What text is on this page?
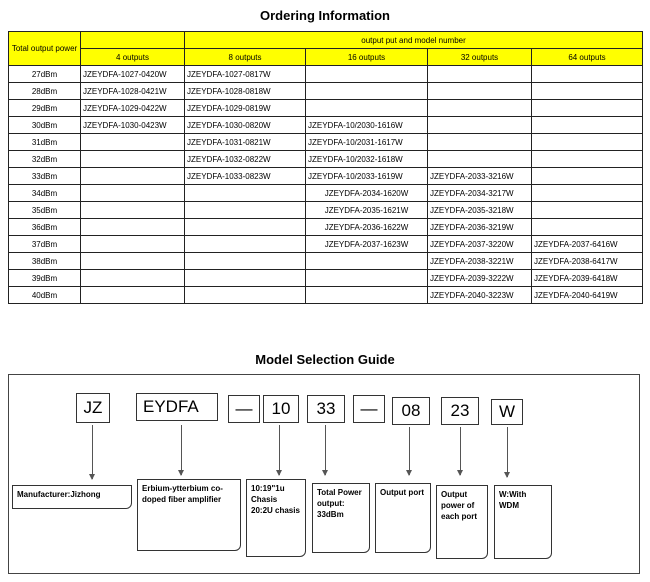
Ordering Information
Total output power		output put and model number			
	4 outputs	8 outputs	16 outputs	32 outputs	64 outputs
27dBm	JZEYDFA-1027-0420W	JZEYDFA-1027-0817W			
28dBm	JZEYDFA-1028-0421W	JZEYDFA-1028-0818W			
29dBm	JZEYDFA-1029-0422W	JZEYDFA-1029-0819W			
30dBm	JZEYDFA-1030-0423W	JZEYDFA-1030-0820W	JZEYDFA-10/2030-1616W		
31dBm		JZEYDFA-1031-0821W	JZEYDFA-10/2031-1617W		
32dBm		JZEYDFA-1032-0822W	JZEYDFA-10/2032-1618W		
33dBm		JZEYDFA-1033-0823W	JZEYDFA-10/2033-1619W	JZEYDFA-2033-3216W	
34dBm			JZEYDFA-2034-1620W	JZEYDFA-2034-3217W	
35dBm			JZEYDFA-2035-1621W	JZEYDFA-2035-3218W	
36dBm			JZEYDFA-2036-1622W	JZEYDFA-2036-3219W	
37dBm			JZEYDFA-2037-1623W	JZEYDFA-2037-3220W	JZEYDFA-2037-6416W
38dBm				JZEYDFA-2038-3221W	JZEYDFA-2038-6417W
39dBm				JZEYDFA-2039-3222W	JZEYDFA-2039-6418W
40dBm				JZEYDFA-2040-3223W	JZEYDFA-2040-6419W
Model Selection Guide
JZ	EYDFA	—	10	33	—	08	23	W
Manufacturer:Jizhong
Erbium-ytterbium co-doped fiber amplifier
10:19"1u Chasis 20:2U chasis
Total Power output: 33dBm
Output port	Output power of each port
W:With WDM
